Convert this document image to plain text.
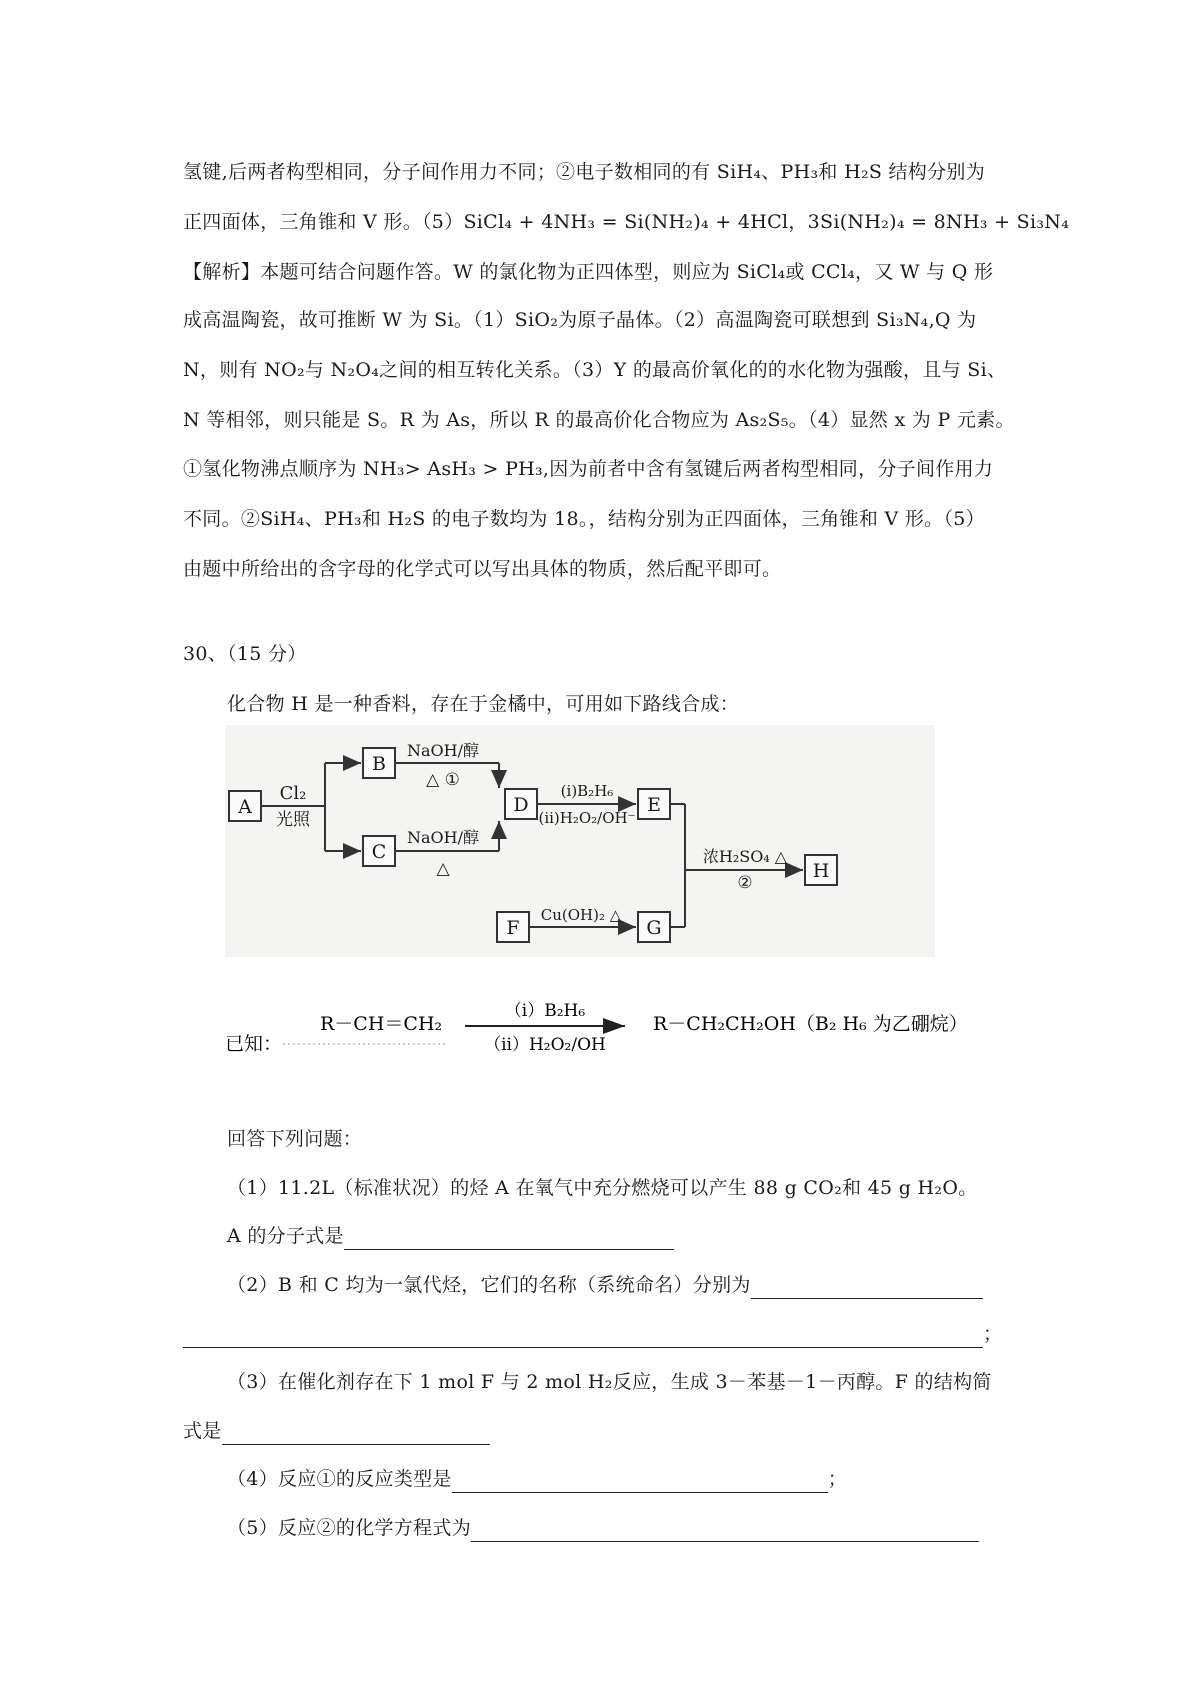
氢键,后两者构型相同，分子间作用力不同；②电子数相同的有 SiH₄、PH₃和 H₂S 结构分别为
正四面体，三角锥和 V 形。（5）SiCl₄ + 4NH₃ = Si(NH₂)₄ + 4HCl，3Si(NH₂)₄ = 8NH₃ + Si₃N₄
【解析】本题可结合问题作答。W 的氯化物为正四体型，则应为 SiCl₄或 CCl₄，又 W 与 Q 形
成高温陶瓷，故可推断 W 为 Si。（1）SiO₂为原子晶体。（2）高温陶瓷可联想到 Si₃N₄,Q 为
N，则有 NO₂与 N₂O₄之间的相互转化关系。（3）Y 的最高价氧化的的水化物为强酸，且与 Si、
N 等相邻，则只能是 S。R 为 As，所以 R 的最高价化合物应为 As₂S₅。（4）显然 x 为 P 元素。
①氢化物沸点顺序为 NH₃> AsH₃ > PH₃,因为前者中含有氢键后两者构型相同，分子间作用力
不同。②SiH₄、PH₃和 H₂S 的电子数均为 18。，结构分别为正四面体，三角锥和 V 形。（5）
由题中所给出的含字母的化学式可以写出具体的物质，然后配平即可。
30、（15 分）
化合物 H 是一种香料，存在于金橘中，可用如下路线合成：
A
B
C
D	E
H
F	G
Cl₂
光照
NaOH/醇
△ ①
NaOH/醇
△
(i)B₂H₆
(ii)H₂O₂/OH⁻
浓H₂SO₄ △
②
Cu(OH)₂ △
已知：
R－CH＝CH₂
（i）B₂H₆
（ii）H₂O₂/OH
R－CH₂CH₂OH（B₂ H₆ 为乙硼烷）
回答下列问题：
（1）11.2L（标准状况）的烃 A 在氧气中充分燃烧可以产生 88 g CO₂和 45 g H₂O。
A 的分子式是
（2）B 和 C 均为一氯代烃，它们的名称（系统命名）分别为
；
（3）在催化剂存在下 1 mol F 与 2 mol H₂反应，生成 3－苯基－1－丙醇。F 的结构简
式是
（4）反应①的反应类型是	；
（5）反应②的化学方程式为
